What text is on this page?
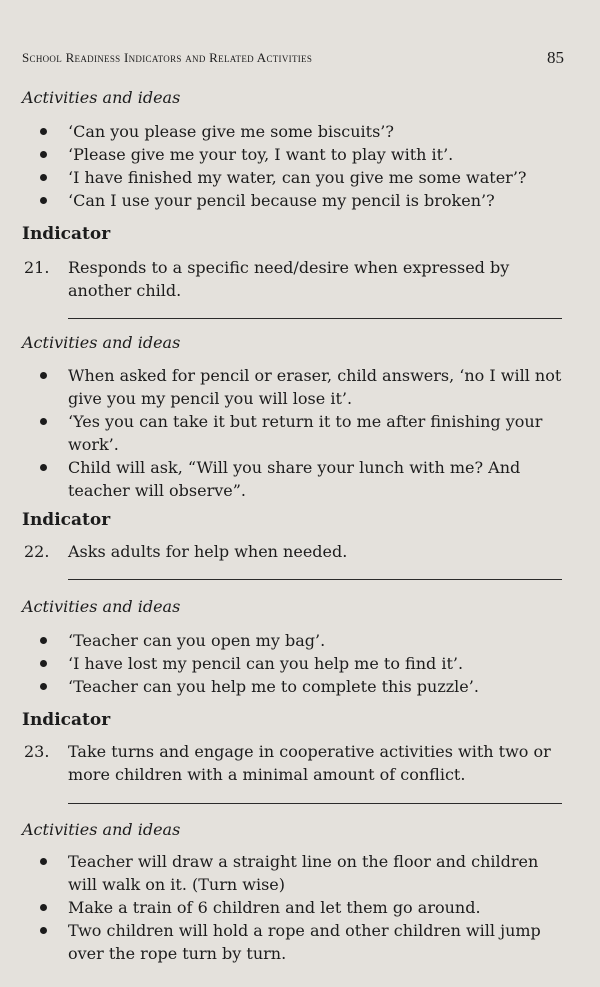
School Readiness Indicators and Related Activities	85
Activities and ideas
‘Can you please give me some biscuits’?
‘Please give me your toy, I want to play with it’.
‘I have finished my water, can you give me some water’?
‘Can I use your pencil because my pencil is broken’?
Indicator
21. Responds to a specific need/desire when expressed by another child.
Activities and ideas
When asked for pencil or eraser, child answers, ‘no I will not give you my pencil you will lose it’.
‘Yes you can take it but return it to me after finishing your work’.
Child will ask, “Will you share your lunch with me? And teacher will observe”.
Indicator
22. Asks adults for help when needed.
Activities and ideas
‘Teacher can you open my bag’.
‘I have lost my pencil can you help me to find it’.
‘Teacher can you help me to complete this puzzle’.
Indicator
23. Take turns and engage in cooperative activities with two or more children with a minimal amount of conflict.
Activities and ideas
Teacher will draw a straight line on the floor and children will walk on it. (Turn wise)
Make a train of 6 children and let them go around.
Two children will hold a rope and other children will jump over the rope turn by turn.
